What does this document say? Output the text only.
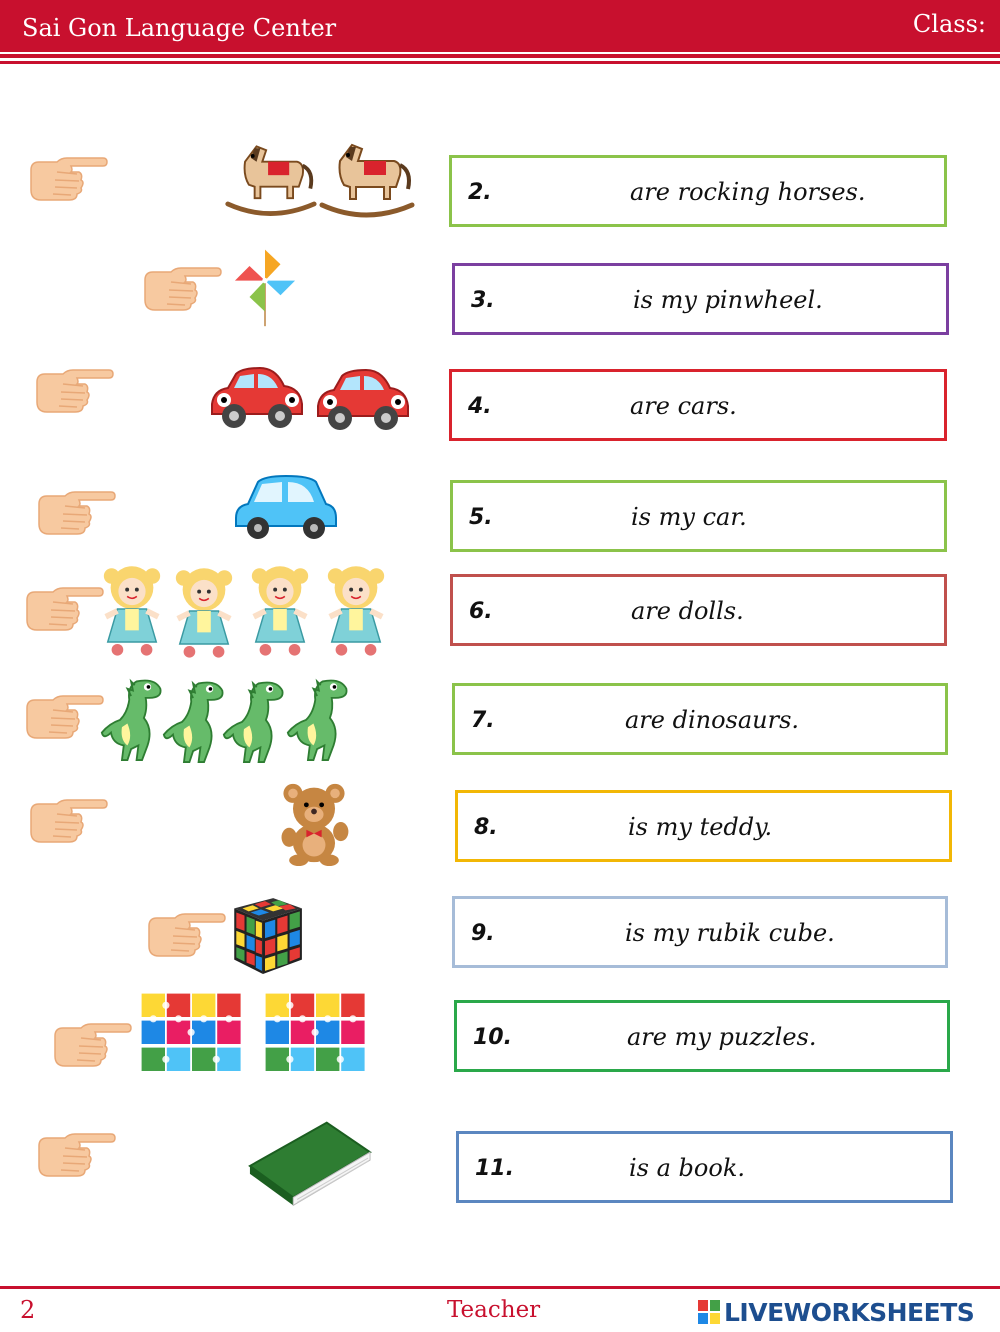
Sai Gon Language Center	Class:
2.	are rocking horses.
3.	is my pinwheel.
4.	are cars.
5.	is my car.
6.	are dolls.
7.	are dinosaurs.
8.	is my teddy.
9.	is my rubik cube.
10.	are my puzzles.
11.	is a book.
2	Teacher	LIVEWORKSHEETS
